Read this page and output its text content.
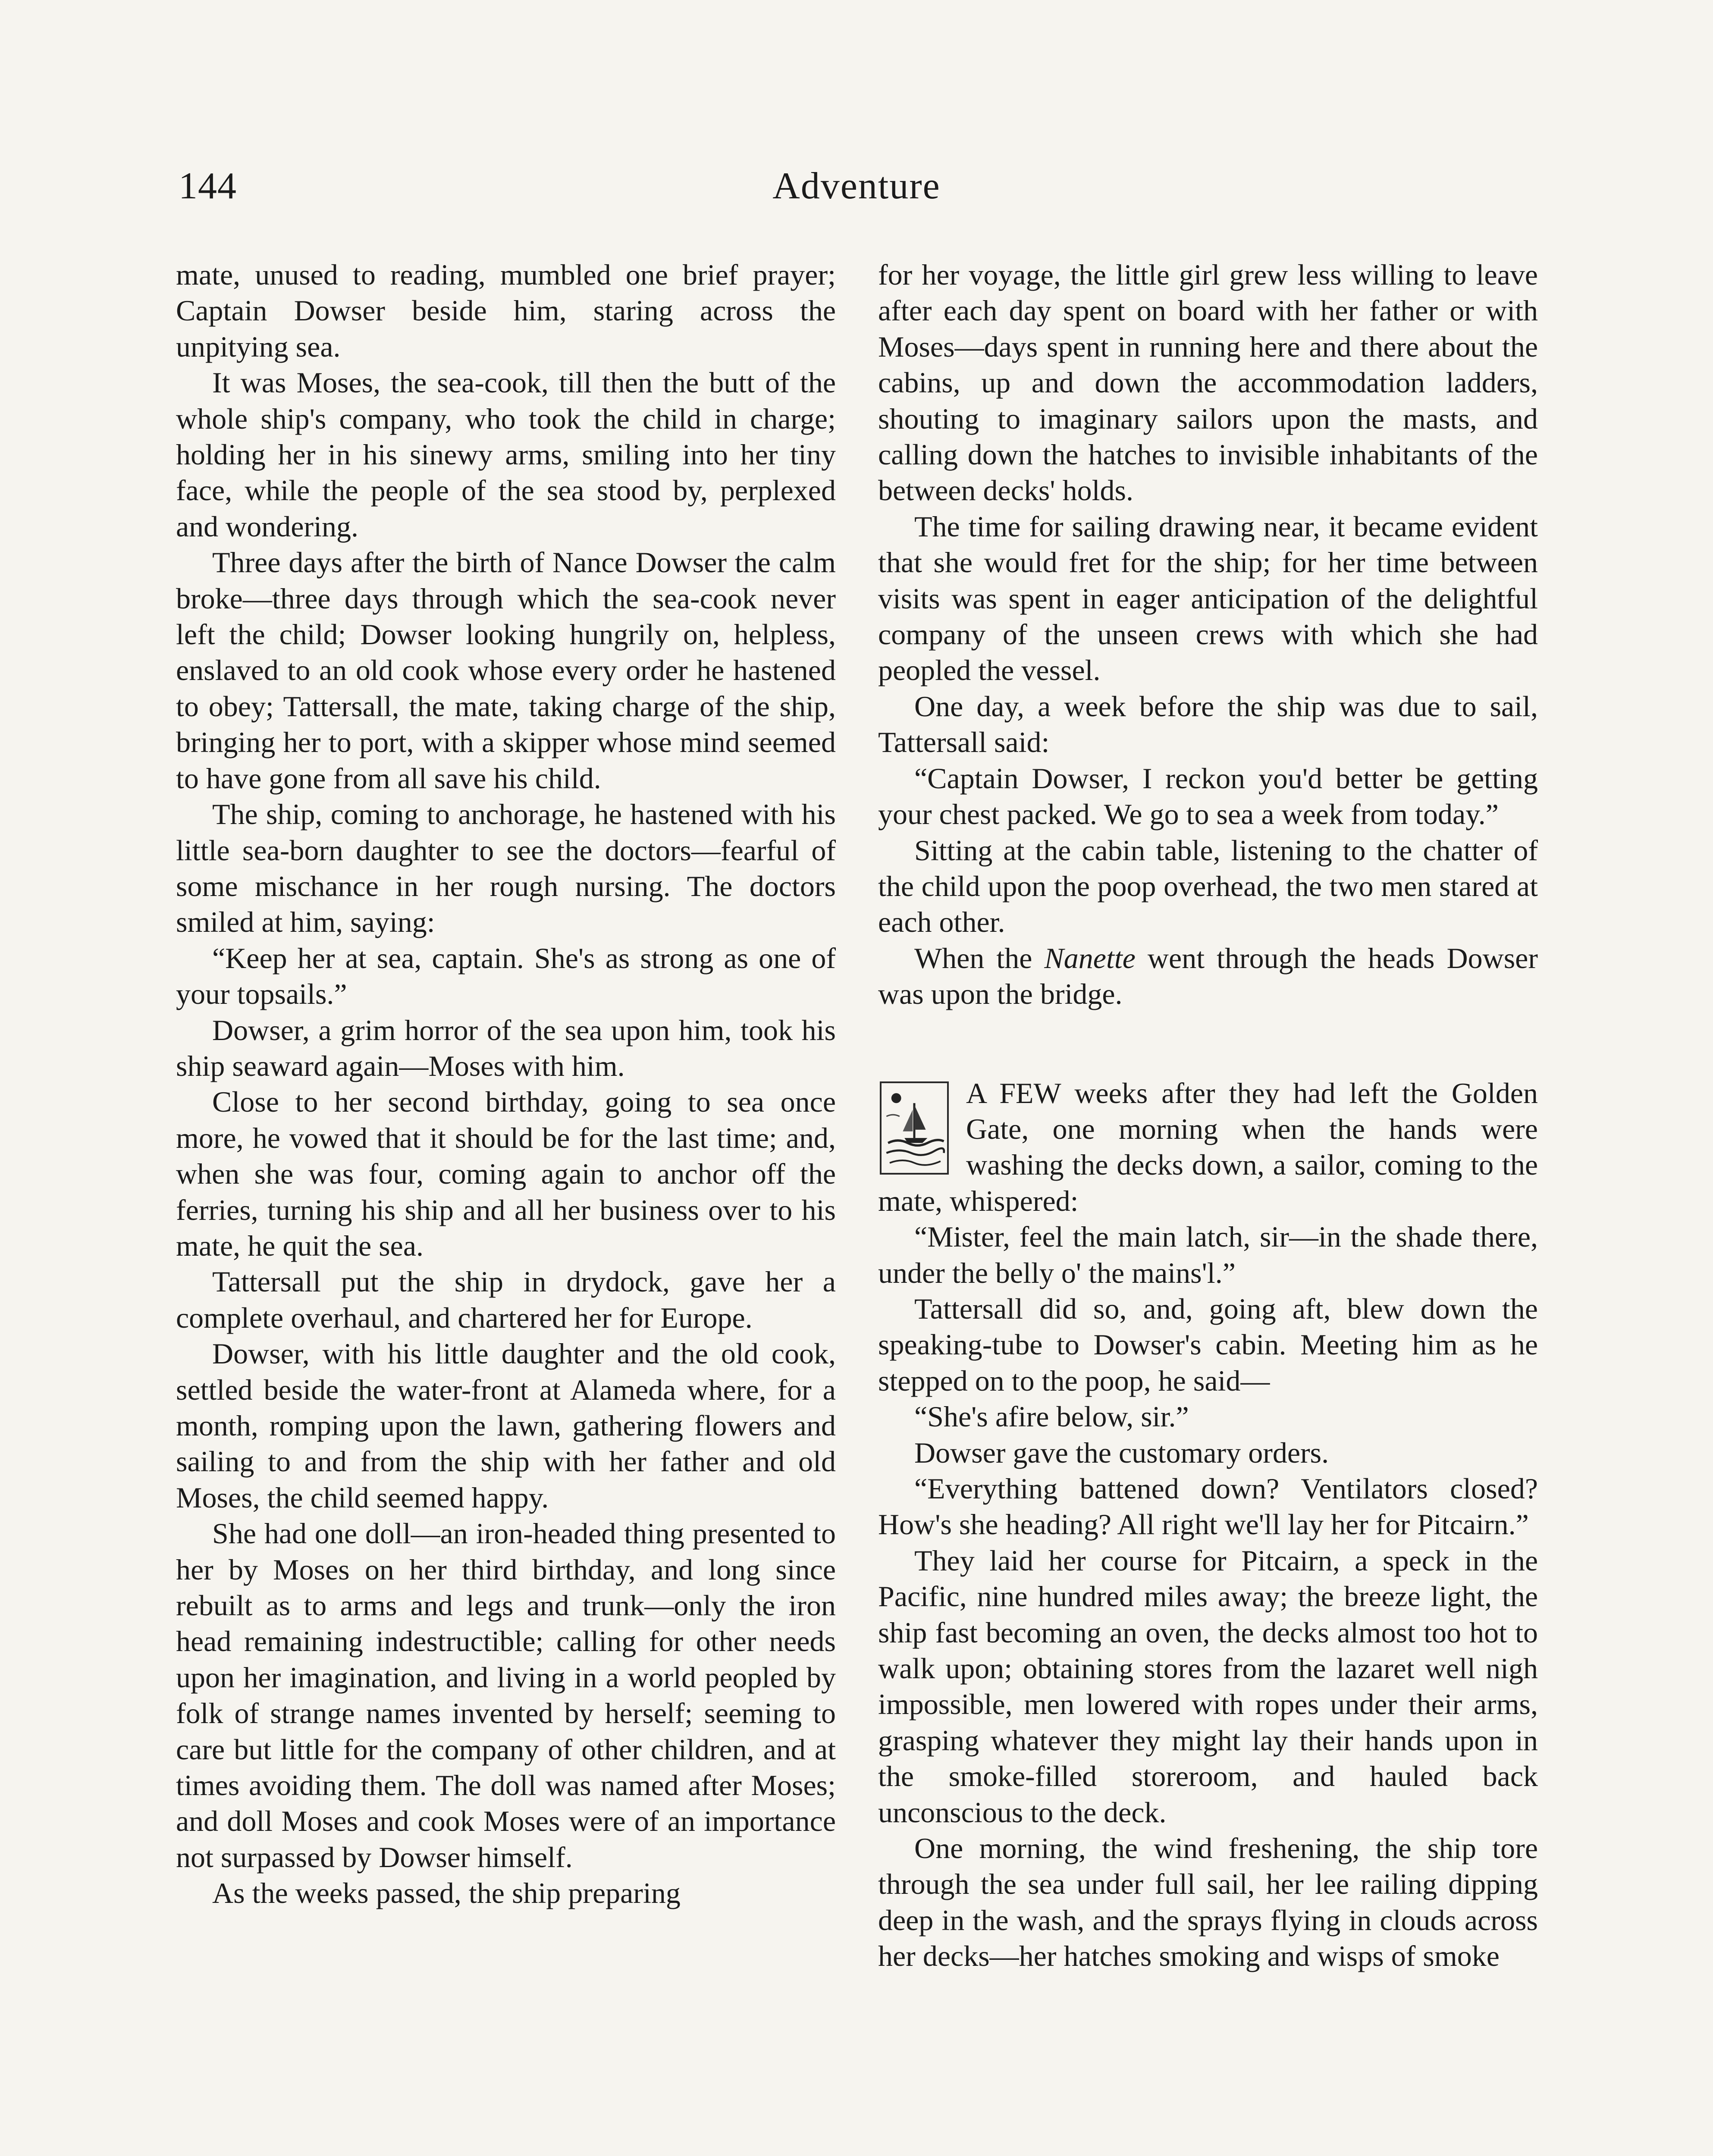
144	Adventure

mate, unused to reading, mumbled one brief prayer; Captain Dowser beside him, staring across the unpitying sea.

It was Moses, the sea-cook, till then the butt of the whole ship's company, who took the child in charge; holding her in his sinewy arms, smiling into her tiny face, while the people of the sea stood by, perplexed and wondering.

Three days after the birth of Nance Dowser the calm broke—three days through which the sea-cook never left the child; Dowser looking hungrily on, helpless, enslaved to an old cook whose every order he hastened to obey; Tattersall, the mate, taking charge of the ship, bringing her to port, with a skipper whose mind seemed to have gone from all save his child.

The ship, coming to anchorage, he hastened with his little sea-born daughter to see the doctors—fearful of some mischance in her rough nursing. The doctors smiled at him, saying:

“Keep her at sea, captain. She's as strong as one of your topsails.”

Dowser, a grim horror of the sea upon him, took his ship seaward again—Moses with him.

Close to her second birthday, going to sea once more, he vowed that it should be for the last time; and, when she was four, coming again to anchor off the ferries, turning his ship and all her business over to his mate, he quit the sea.

Tattersall put the ship in drydock, gave her a complete overhaul, and chartered her for Europe.

Dowser, with his little daughter and the old cook, settled beside the water-front at Alameda where, for a month, romping upon the lawn, gathering flowers and sailing to and from the ship with her father and old Moses, the child seemed happy.

She had one doll—an iron-headed thing presented to her by Moses on her third birthday, and long since rebuilt as to arms and legs and trunk—only the iron head remaining indestructible; calling for other needs upon her imagination, and living in a world peopled by folk of strange names invented by herself; seeming to care but little for the company of other children, and at times avoiding them. The doll was named after Moses; and doll Moses and cook Moses were of an importance not surpassed by Dowser himself.

As the weeks passed, the ship preparing

for her voyage, the little girl grew less willing to leave after each day spent on board with her father or with Moses—days spent in running here and there about the cabins, up and down the accommodation ladders, shouting to imaginary sailors upon the masts, and calling down the hatches to invisible inhabitants of the between decks' holds.

The time for sailing drawing near, it became evident that she would fret for the ship; for her time between visits was spent in eager anticipation of the delightful company of the unseen crews with which she had peopled the vessel.

One day, a week before the ship was due to sail, Tattersall said:

“Captain Dowser, I reckon you'd better be getting your chest packed. We go to sea a week from today.”

Sitting at the cabin table, listening to the chatter of the child upon the poop overhead, the two men stared at each other.

When the Nanette went through the heads Dowser was upon the bridge.

A FEW weeks after they had left the Golden Gate, one morning when the hands were washing the decks down, a sailor, coming to the mate, whispered:

“Mister, feel the main latch, sir—in the shade there, under the belly o' the mains'l.”

Tattersall did so, and, going aft, blew down the speaking-tube to Dowser's cabin. Meeting him as he stepped on to the poop, he said—

“She's afire below, sir.”

Dowser gave the customary orders.

“Everything battened down? Ventilators closed? How's she heading? All right we'll lay her for Pitcairn.”

They laid her course for Pitcairn, a speck in the Pacific, nine hundred miles away; the breeze light, the ship fast becoming an oven, the decks almost too hot to walk upon; obtaining stores from the lazaret well nigh impossible, men lowered with ropes under their arms, grasping whatever they might lay their hands upon in the smoke-filled storeroom, and hauled back unconscious to the deck.

One morning, the wind freshening, the ship tore through the sea under full sail, her lee railing dipping deep in the wash, and the sprays flying in clouds across her decks—her hatches smoking and wisps of smoke
